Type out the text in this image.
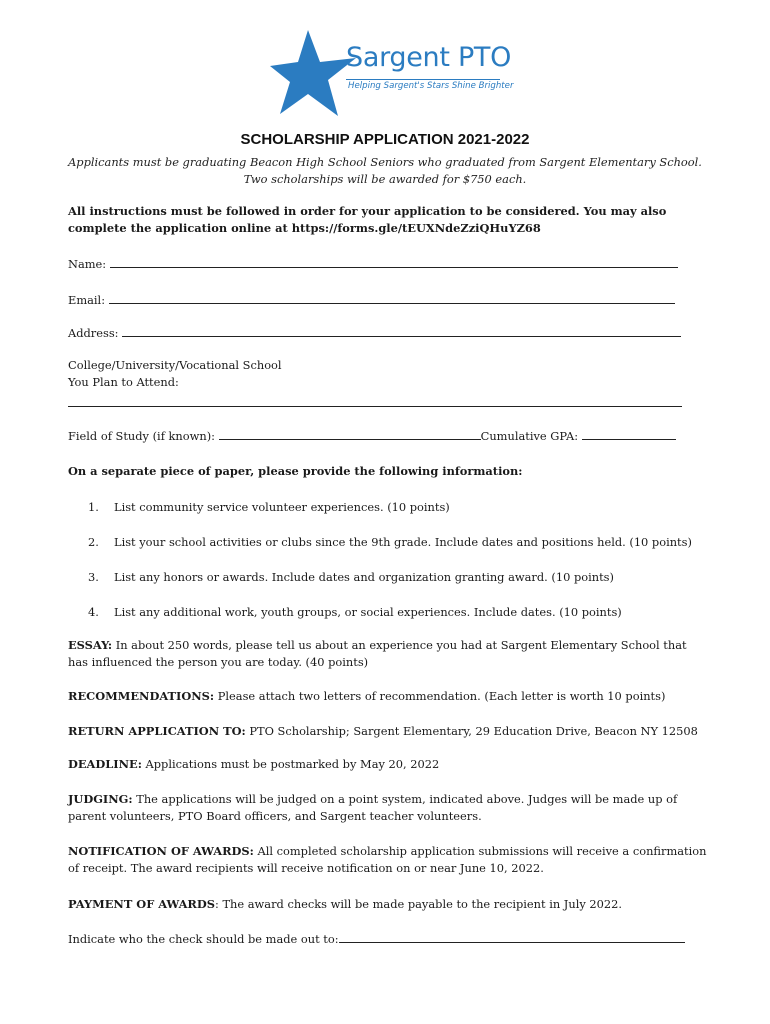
Sargent PTO
Helping Sargent's Stars Shine Brighter
SCHOLARSHIP APPLICATION 2021-2022
Applicants must be graduating Beacon High School Seniors who graduated from Sargent Elementary School.
Two scholarships will be awarded for $750 each.
All instructions must be followed in order for your application to be considered. You may also complete the application online at https://forms.gle/tEUXNdeZziQHuYZ68
Name:
Email:
Address:
College/University/Vocational School
You Plan to Attend:
Field of Study (if known):	Cumulative GPA:
On a separate piece of paper, please provide the following information:
1. List community service volunteer experiences. (10 points)
2. List your school activities or clubs since the 9th grade. Include dates and positions held. (10 points)
3. List any honors or awards. Include dates and organization granting award. (10 points)
4. List any additional work, youth groups, or social experiences. Include dates. (10 points)
ESSAY: In about 250 words, please tell us about an experience you had at Sargent Elementary School that has influenced the person you are today. (40 points)
RECOMMENDATIONS: Please attach two letters of recommendation. (Each letter is worth 10 points)
RETURN APPLICATION TO: PTO Scholarship; Sargent Elementary, 29 Education Drive, Beacon NY 12508
DEADLINE: Applications must be postmarked by May 20, 2022
JUDGING: The applications will be judged on a point system, indicated above. Judges will be made up of parent volunteers, PTO Board officers, and Sargent teacher volunteers.
NOTIFICATION OF AWARDS: All completed scholarship application submissions will receive a confirmation of receipt. The award recipients will receive notification on or near June 10, 2022.
PAYMENT OF AWARDS: The award checks will be made payable to the recipient in July 2022.
Indicate who the check should be made out to:
